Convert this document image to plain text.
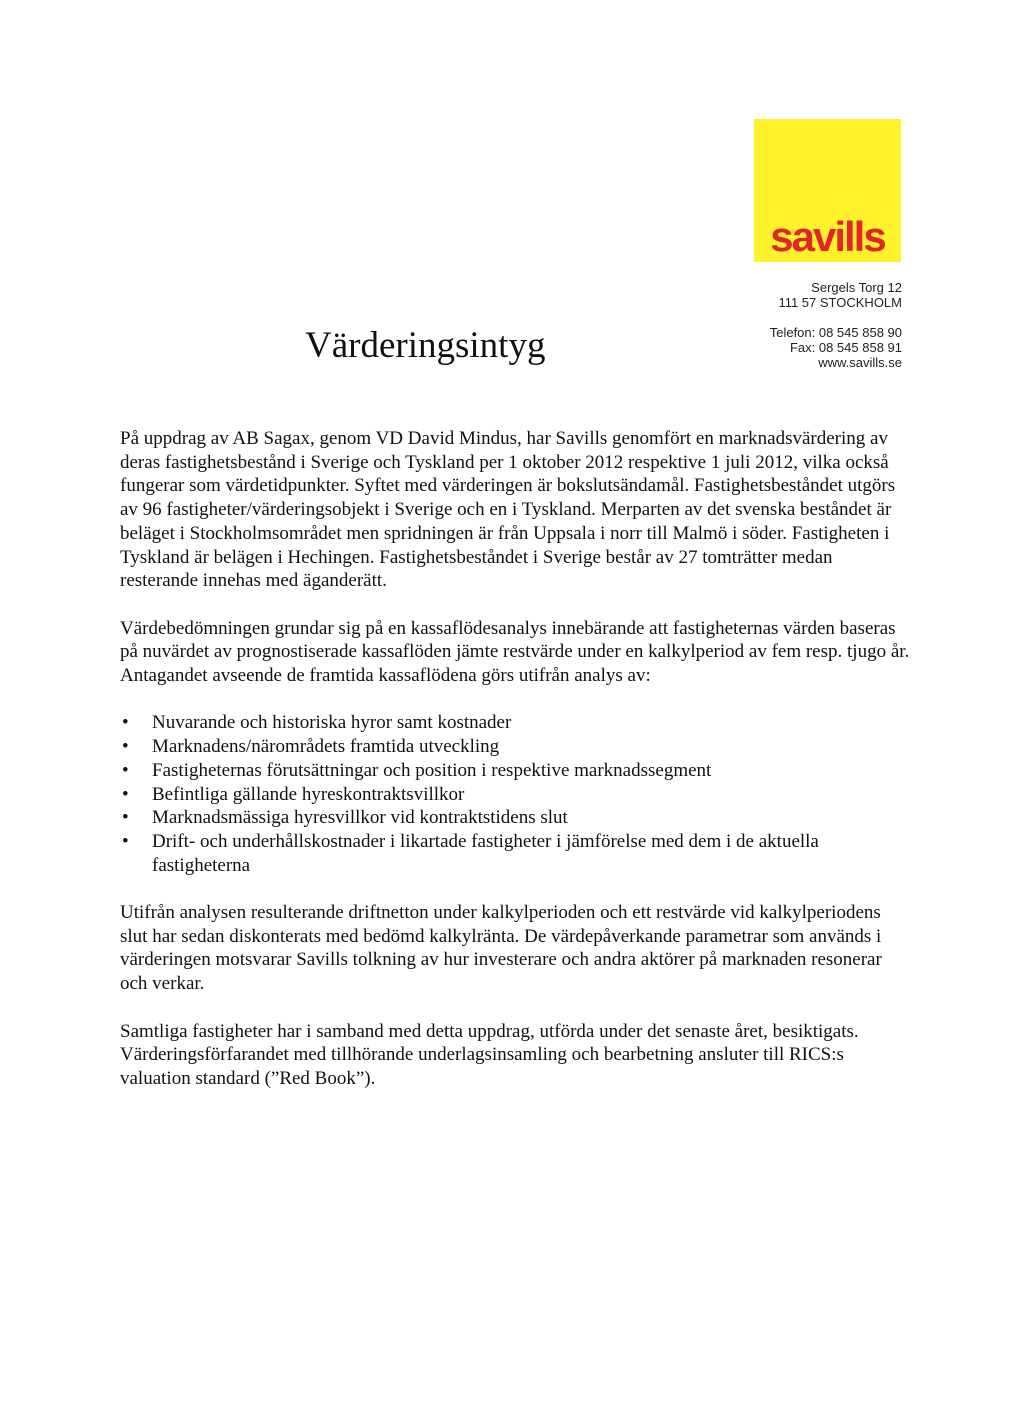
savills
Sergels Torg 12
111 57 STOCKHOLM
Telefon: 08 545 858 90
Fax: 08 545 858 91
www.savills.se
Värderingsintyg

På uppdrag av AB Sagax, genom VD David Mindus, har Savills genomfört en marknadsvärdering av deras fastighetsbestånd i Sverige och Tyskland per 1 oktober 2012 respektive 1 juli 2012, vilka också fungerar som värdetidpunkter. Syftet med värderingen är bokslutsändamål. Fastighetsbeståndet utgörs av 96 fastigheter/värderingsobjekt i Sverige och en i Tyskland. Merparten av det svenska beståndet är beläget i Stockholmsområdet men spridningen är från Uppsala i norr till Malmö i söder. Fastigheten i Tyskland är belägen i Hechingen. Fastighetsbeståndet i Sverige består av 27 tomträtter medan resterande innehas med äganderätt.

Värdebedömningen grundar sig på en kassaflödesanalys innebärande att fastigheternas värden baseras på nuvärdet av prognostiserade kassaflöden jämte restvärde under en kalkylperiod av fem resp. tjugo år. Antagandet avseende de framtida kassaflödena görs utifrån analys av:

• Nuvarande och historiska hyror samt kostnader
• Marknadens/närområdets framtida utveckling
• Fastigheternas förutsättningar och position i respektive marknadssegment
• Befintliga gällande hyreskontraktsvillkor
• Marknadsmässiga hyresvillkor vid kontraktstidens slut
• Drift- och underhållskostnader i likartade fastigheter i jämförelse med dem i de aktuella fastigheterna

Utifrån analysen resulterande driftnetton under kalkylperioden och ett restvärde vid kalkylperiodens slut har sedan diskonterats med bedömd kalkylränta. De värdepåverkande parametrar som används i värderingen motsvarar Savills tolkning av hur investerare och andra aktörer på marknaden resonerar och verkar.

Samtliga fastigheter har i samband med detta uppdrag, utförda under det senaste året, besiktigats. Värderingsförfarandet med tillhörande underlagsinsamling och bearbetning ansluter till RICS:s valuation standard (”Red Book”).
